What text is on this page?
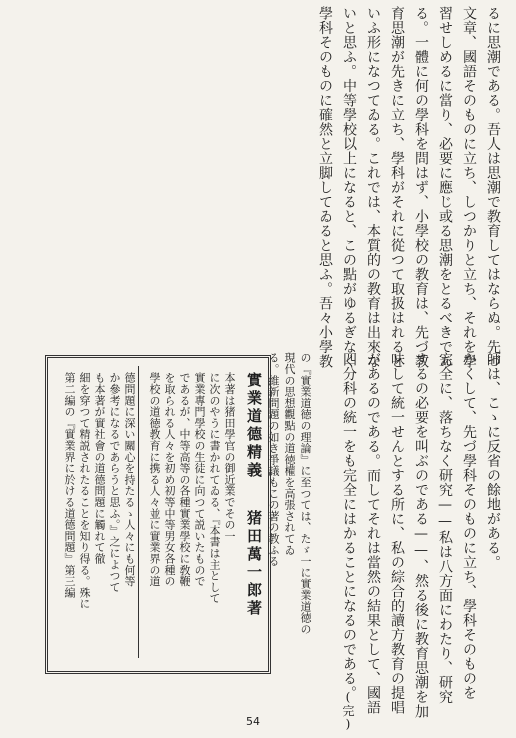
るに思潮である。吾人は思潮で教育してはならぬ。先づ
文章、國語そのものに立ち、しつかりと立ち、それを學
習せしめるに當り、必要に應じ或る思潮をとるべきであ
る。一體に何の學科を問はず、小學校の教育は、先づ教
育思潮が先きに立ち、學科がそれに從つて取扱はれると
いふ形になつてゐる。これでは、本質的の教育は出來な
いと思ふ。中等學校以上になると、この點がゆるぎなく
學科そのものに確然と立脚してゐると思ふ。吾々小學教
師は、こゝに反省の餘地がある。
かくして、先づ學科そのものに立ち、學科そのものを
完全に、落ちなく研究——私は八方面にわたり、研究
するの必要を叫ぶのである——、然る後に教育思潮を加
味して統一せんとする所に、私の綜合的讀方教育の提唱
があるのである。而してそれは當然の結果として、國語
四分科の統一をも完全にはかることになるのである。
(完)
の『實業道徳の理論』に至つては、たゞ一に實業道徳の
現代の思想觀點の道徳權を高張されてゐ
る。維新問題の如き爭議もこの著の教ふる
實業道德精義
猪田萬一郎著
本著は猪田學官の御近業でその一
に次のやうに書かれてゐる、『本書は主として
實業專門學校の生徒に向つて説いたもので
であるが、中等高等の各種實業學校に敎鞭
を取られる人々を初め初等中等男女各種の
學校の道徳教育に携る人々並に實業界の道
德問題に深い關心を持たるゝ人々にも何等
か參考になるであらうと思ふ。』之によつて
も本著が實社會の道德問題に觸れて徹
細を穿つて精説されたることを知り得る。殊に
第二編の『實業界に於ける道德問題』第三編
54
